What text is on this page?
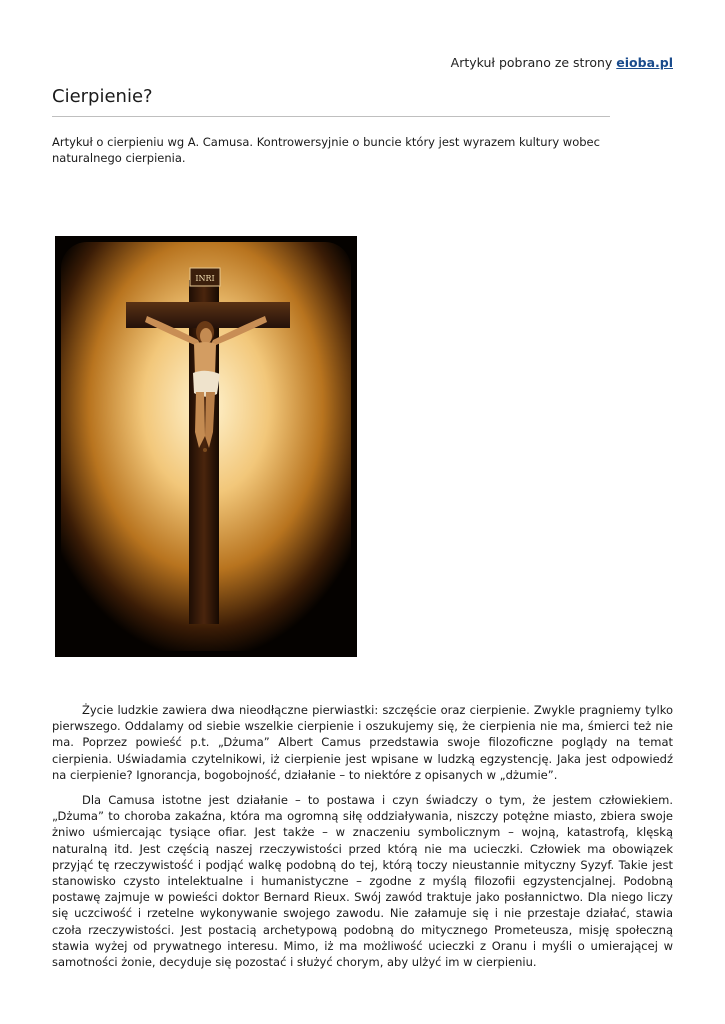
Artykuł pobrano ze strony eioba.pl
Cierpienie?

Artykuł o cierpieniu wg A. Camusa. Kontrowersyjnie o buncie który jest wyrazem kultury wobec naturalnego cierpienia.

INRI

Życie ludzkie zawiera dwa nieodłączne pierwiastki: szczęście oraz cierpienie. Zwykle pragniemy tylko pierwszego. Oddalamy od siebie wszelkie cierpienie i oszukujemy się, że cierpienia nie ma, śmierci też nie ma. Poprzez powieść p.t. „Dżuma” Albert Camus przedstawia swoje filozoficzne poglądy na temat cierpienia. Uświadamia czytelnikowi, iż cierpienie jest wpisane w ludzką egzystencję. Jaka jest odpowiedź na cierpienie? Ignorancja, bogobojność, działanie – to niektóre z opisanych w „dżumie”.

Dla Camusa istotne jest działanie – to postawa i czyn świadczy o tym, że jestem człowiekiem. „Dżuma” to choroba zakaźna, która ma ogromną siłę oddziaływania, niszczy potężne miasto, zbiera swoje żniwo uśmiercając tysiące ofiar. Jest także – w znaczeniu symbolicznym – wojną, katastrofą, klęską naturalną itd. Jest częścią naszej rzeczywistości przed którą nie ma ucieczki. Człowiek ma obowiązek przyjąć tę rzeczywistość i podjąć walkę podobną do tej, którą toczy nieustannie mityczny Syzyf. Takie jest stanowisko czysto intelektualne i humanistyczne – zgodne z myślą filozofii egzystencjalnej. Podobną postawę zajmuje w powieści doktor Bernard Rieux. Swój zawód traktuje jako posłannictwo. Dla niego liczy się uczciwość i rzetelne wykonywanie swojego zawodu. Nie załamuje się i nie przestaje działać, stawia czoła rzeczywistości. Jest postacią archetypową podobną do mitycznego Prometeusza, misję społeczną stawia wyżej od prywatnego interesu. Mimo, iż ma możliwość ucieczki z Oranu i myśli o umierającej w samotności żonie, decyduje się pozostać i służyć chorym, aby ulżyć im w cierpieniu.
